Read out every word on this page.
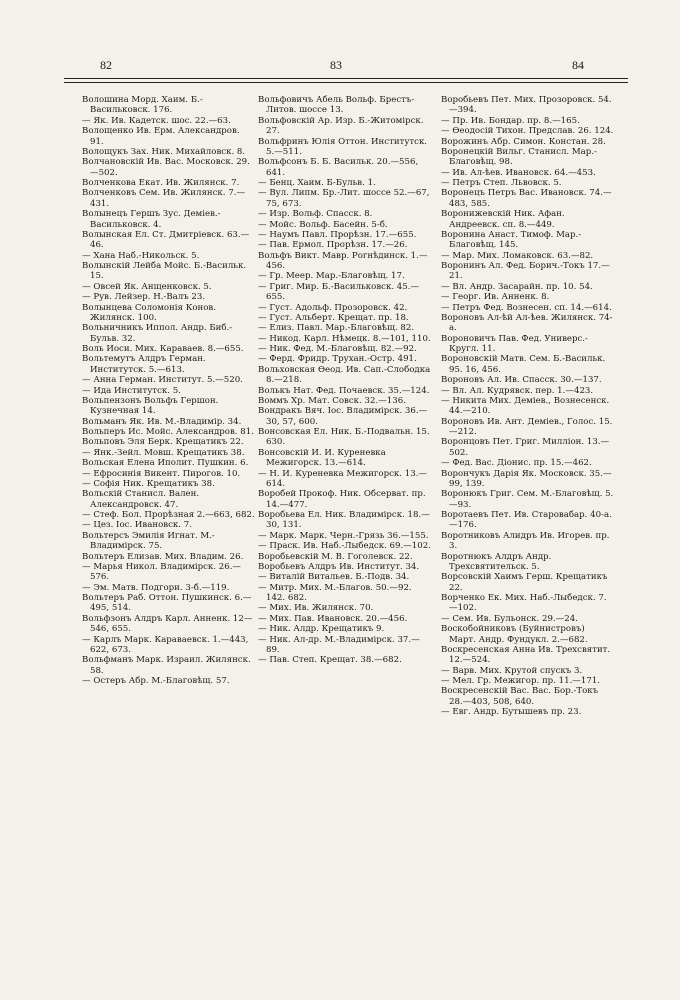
82	83	84

Волошина Морд. Хаим. Б.-Васильковск. 176.

— Як. Ив. Кадетск. шос. 22.—63.

Волощенко Ив. Ерм. Александров. 91.

Волощукъ Зах. Ник. Михайловск. 8.

Волчановскій Ив. Вас. Московск. 29.—502.

Волченкова Екат. Ив. Жилянск. 7.

Волченковъ Сем. Ив. Жилянск. 7.—431.

Волынецъ Гершъ Зус. Деміев.-Васильковск. 4.

Волынская Ел. Ст. Дмитріевск. 63.—46.

— Хана Наб.-Никольск. 5.

Волынскій Лейба Мойс. Б.-Васильк. 15.

— Овсей Як. Анщенковск. 5.

— Рув. Лейзер. Н.-Валъ 23.

Волынцева Соломонія Конов. Жилянск. 100.

Вольничникъ Иппол. Андр. Биб.-Бульв. 32.

Воль Иоси. Мих. Караваев. 8.—655.

Вольтемутъ Алдръ Герман. Институтск. 5.—613.

— Анна Герман. Институт. 5.—520.

— Ида Институтск. 5.

Вольпензонъ Вольфъ Гершон. Кузнечная 14.

Вольманъ Як. Ив. М.-Владимір. 34.

Вольперъ Ис. Мойс. Александров. 81.

Вольповъ Эля Берк. Крещатикъ 22.

— Янк.-Зейл. Мовш. Крещатикъ 38.

Вольская Елена Иполит. Пушкин. 6.

— Ефросинія Викент. Пирогов. 10.

— Софія Ник. Крещатикъ 38.

Вольскій Станисл. Вален. Александровск. 47.

— Стеф. Бол. Прорѣзная 2.—663, 682.

— Цез. Іос. Ивановск. 7.

Вольтерсъ Эмилія Игнат. М.-Владимірск. 75.

Вольтеръ Елизав. Мих. Владим. 26.

— Марья Никол. Владимірск. 26.—576.

— Эм. Матв. Подгори. 3-б.—119.

Вольтеръ Раб. Оттон. Пушкинск. 6.—495, 514.

Вольфзонъ Алдръ Карл. Анненк. 12—546, 655.

— Карлъ Марк. Караваевск. 1.—443, 622, 673.

Вольфманъ Марк. Израил. Жилянск. 58.

— Остеръ Абр. М.-Благовѣщ. 57.

Вольфовичъ Абель Вольф. Брестъ-Литов. шоссе 13.

Вольфовскій Ар. Изр. Б.-Житомірск. 27.

Вольфринъ Юлія Оттон. Институтск. 5.—511.

Вольфсонъ Б. Б. Васильк. 20.—556, 641.

— Бенц. Хаим. Б-Бульв. 1.

— Вул. Липм. Бр.-Лит. шоссе 52.—67, 75, 673.

— Изр. Вольф. Спасск. 8.

— Мойс. Вольф. Басейн. 5-б.

— Наумъ Павл. Прорѣзн. 17.—655.

— Пав. Ермол. Прорѣзн. 17.—26.

Вольфъ Викт. Мавр. Рогнѣдинск. 1.—456.

— Гр. Меер. Мар.-Благовѣщ. 17.

— Григ. Мир. Б.-Васильковск. 45.—655.

— Густ. Адольф. Прозоровск. 42.

— Густ. Альберт. Крещат. пр. 18.

— Елиз. Павл. Мар.-Благовѣщ. 82.

— Никод. Карл. Нѣмецк. 8.—101, 110.

— Ник. Фед. М.-Благовѣщ. 82.—92.

— Ферд. Фридр. Трухан.-Остр. 491.

Вольховская Ѳеод. Ив. Сап.-Слободка 8.—218.

Волькъ Нат. Фед. Почаевск. 35.—124.

Воммъ Хр. Мат. Совск. 32.—136.

Вондракъ Вяч. Іос. Владимірск. 36.—30, 57, 600.

Вонсовская Ел. Ник. Б.-Подвальн. 15. 630.

Вонсовскій И. И. Куреневка Межигорск. 13.—614.

— Н. И. Куреневка Межигорск. 13.—614.

Воробей Прокоф. Ник. Обсерват. пр. 14.—477.

Воробьева Ел. Ник. Владимірск. 18.—30, 131.

— Марк. Марк. Черн.-Грязь 36.—155.

— Праск. Ив. Наб.-Лыбедск. 69.—102.

Воробьевскій М. В. Гоголевск. 22.

Воробьевъ Алдръ Ив. Институт. 34.

— Виталій Витальев. Б.-Подв. 34.

— Митр. Мих. М.-Благов. 50.—92. 142. 682.

— Мих. Ив. Жилянск. 70.

— Мих. Пав. Ивановск. 20.—456.

— Ник. Алдр. Крещатикъ 9.

— Ник. Ал-др. М.-Владимірск. 37.—89.

— Пав. Степ. Крещат. 38.—682.

Воробьевъ Пет. Мих. Прозоровск. 54.—394.

— Пр. Ив. Бондар. пр. 8.—165.

— Ѳеодосій Тихон. Предслав. 26. 124.

Ворожинъ Абр. Симон. Констан. 28.

Воронецкій Вильг. Станисл. Мар.-Благовѣщ. 98.

— Ив. Ал-ѣев. Ивановск. 64.—453.

— Петръ Степ. Львовск. 5.

Воронецъ Петръ Вас. Ивановск. 74.—483, 585.

Воронижевскій Ник. Афан. Андреевск. сп. 8.—449.

Воронина Анаст. Тимоф. Мар.-Благовѣщ. 145.

— Мар. Мих. Ломаковск. 63.—82.

Воронинъ Ал. Фед. Борич.-Токъ 17.—21.

— Вл. Андр. Засарайн. пр. 10. 54.

— Георг. Ив. Анненк. 8.

— Петръ Фед. Вознесен. сп. 14.—614.

Вороновъ Ал-ѣй Ал-ѣев. Жилянск. 74-а.

Вороновичъ Пав. Фед. Универс.-Кругл. 11.

Вороновскій Матв. Сем. Б.-Васильк. 95. 16, 456.

Вороновъ Ал. Ив. Спасск. 30.—137.

— Вл. Ал. Кудрявск. пер. 1.—423.

— Никита Мих. Деміев., Вознесенск. 44.—210.

Вороновъ Ив. Ант. Деміев., Голос. 15.—212.

Воронцовъ Пет. Григ. Милліон. 13.—502.

— Фед. Вас. Діонис. пр. 15.—462.

Ворончукъ Дарія Як. Московск. 35.—99, 139.

Воронюкъ Григ. Сем. М.-Благовѣщ. 5.—93.

Воротаевъ Пет. Ив. Старовабар. 40-а.—176.

Воротниковъ Алидръ Ив. Игорев. пр. 3.

Воротнюкъ Алдръ Андр. Трехсвятительск. 5.

Ворсовскій Хаимъ Герш. Крещатикъ 22.

Ворченко Ек. Мих. Наб.-Лыбедск. 7.—102.

— Сем. Ив. Бульонск. 29.—24.

Воскобойниковъ (Буйнистровъ) Март. Андр. Фундукл. 2.—682.

Воскресенская Анна Ив. Трехсвятит. 12.—524.

— Варв. Мих. Крутой спускъ 3.

— Мел. Гр. Межигор. пр. 11.—171.

Воскресенскій Вас. Вас. Бор.-Токъ 28.—403, 508, 640.

— Евг. Андр. Бутышевъ пр. 23.
